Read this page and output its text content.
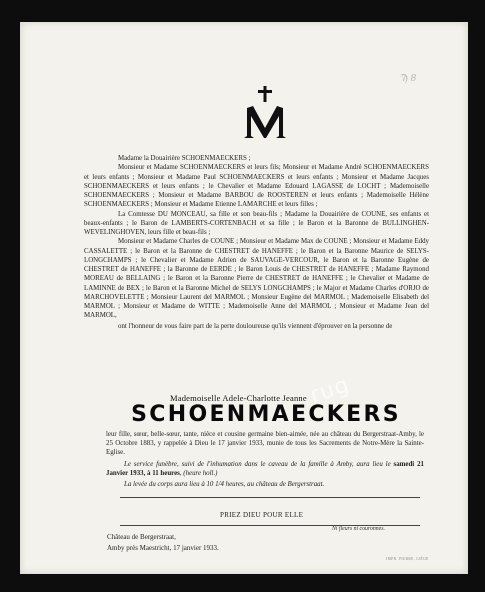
Ϡ 8

Madame la Douairière SCHOENMAECKERS ;

Monsieur et Madame SCHOENMAECKERS et leurs fils; Monsieur et Madame André SCHOENMAECKERS et leurs enfants ; Monsieur et Madame Paul SCHOENMAECKERS et leurs enfants ; Monsieur et Madame Jacques SCHOENMAECKERS et leurs enfants ; le Chevalier et Madame Edouard LAGASSE de LOCHT ; Mademoiselle SCHOENMAECKERS ; Monsieur et Madame BARBOU de ROOSTEREN et leurs enfants ; Mademoiselle Hélène SCHOENMAECKERS ; Monsieur et Madame Etienne LAMARCHE et leurs filles ;

La Comtesse DU MONCEAU, sa fille et son beau-fils ; Madame la Douairière de COUNE, ses enfants et beaux-enfants ; le Baron de LAMBERTS-CORTENBACH et sa fille ; le Baron et la Baronne de BULLINGHEN-WEVELINGHOVEN, leurs fille et beau-fils ;

Monsieur et Madame Charles de COUNE ; Monsieur et Madame Max de COUNE ; Monsieur et Madame Eddy CASSALETTE ; le Baron et la Baronne de CHESTRET de HANEFFE ; le Baron et la Baronne Maurice de SELYS-LONGCHAMPS ; le Chevalier et Madame Adrien de SAUVAGE-VERCOUR, le Baron et la Baronne Eugène de CHESTRET de HANEFFE ; la Baronne de EERDE ; le Baron Louis de CHESTRET de HANEFFE ; Madame Raymond MOREAU de BELLAING ; le Baron et la Baronne Pierre de CHESTRET de HANEFFE ; le Chevalier et Madame de LAMINNE de BEX ; le Baron et la Baronne Michel de SELYS LONGCHAMPS ; le Major et Madame Charles d'ORJO de MARCHOVELETTE ; Monsieur Laurent del MARMOL ; Monsieur Eugène del MARMOL ; Mademoiselle Elisabeth del MARMOL ; Monsieur et Madame de WITTE ; Mademoiselle Anne del MARMOL ; Monsieur et Madame Jean del MARMOL,

ont l'honneur de vous faire part de la perte douloureuse qu'ils viennent d'éprouver en la personne de

Mademoiselle Adele-Charlotte Jeanne
SCHOENMAECKERS
rug
leur fille, sœur, belle-sœur, tante, nièce et cousine germaine bien-aimée, née au château du Bergerstraat-Amby, le 25 Octobre 1883, y rappelée à Dieu le 17 janvier 1933, munie de tous les Sacrements de Notre-Mère la Sainte-Eglise.
Le service funèbre, suivi de l'inhumation dans le caveau de la famille à Amby, aura lieu le samedi 21 Janvier 1933, à 11 heures, (heure holl.)
La levée du corps aura lieu à 10 1/4 heures, au château de Bergerstraat.
PRIEZ DIEU POUR ELLE
Ni fleurs ni couronnes.
Château de Bergerstraat,
Amby près Maestricht, 17 janvier 1933.
IMPR. PIERRE, LIÈGE
